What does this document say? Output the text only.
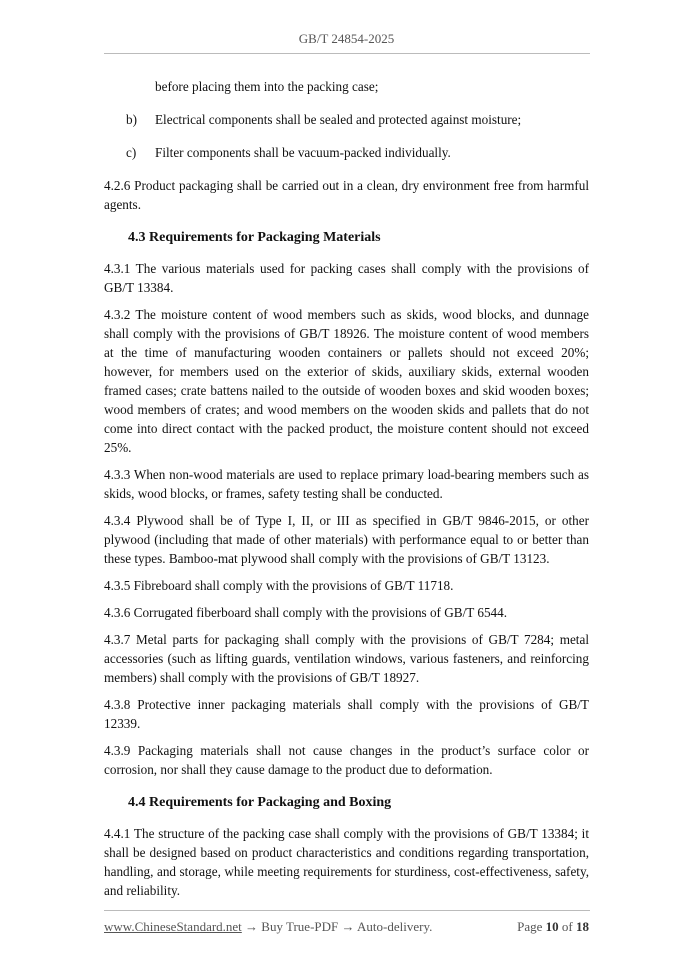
GB/T 24854-2025

before placing them into the packing case;

b)	Electrical components shall be sealed and protected against moisture;
c)	Filter components shall be vacuum-packed individually.

4.2.6 Product packaging shall be carried out in a clean, dry environment free from harmful agents.

4.3 Requirements for Packaging Materials

4.3.1 The various materials used for packing cases shall comply with the provisions of GB/T 13384.

4.3.2 The moisture content of wood members such as skids, wood blocks, and dunnage shall comply with the provisions of GB/T 18926. The moisture content of wood members at the time of manufacturing wooden containers or pallets should not exceed 20%; however, for members used on the exterior of skids, auxiliary skids, external wooden framed cases; crate battens nailed to the outside of wooden boxes and skid wooden boxes; wood members of crates; and wood members on the wooden skids and pallets that do not come into direct contact with the packed product, the moisture content should not exceed 25%.

4.3.3 When non-wood materials are used to replace primary load-bearing members such as skids, wood blocks, or frames, safety testing shall be conducted.

4.3.4 Plywood shall be of Type I, II, or III as specified in GB/T 9846-2015, or other plywood (including that made of other materials) with performance equal to or better than these types. Bamboo-mat plywood shall comply with the provisions of GB/T 13123.

4.3.5 Fibreboard shall comply with the provisions of GB/T 11718.

4.3.6 Corrugated fiberboard shall comply with the provisions of GB/T 6544.

4.3.7 Metal parts for packaging shall comply with the provisions of GB/T 7284; metal accessories (such as lifting guards, ventilation windows, various fasteners, and reinforcing members) shall comply with the provisions of GB/T 18927.

4.3.8 Protective inner packaging materials shall comply with the provisions of GB/T 12339.

4.3.9 Packaging materials shall not cause changes in the product’s surface color or corrosion, nor shall they cause damage to the product due to deformation.

4.4 Requirements for Packaging and Boxing

4.4.1 The structure of the packing case shall comply with the provisions of GB/T 13384; it shall be designed based on product characteristics and conditions regarding transportation, handling, and storage, while meeting requirements for sturdiness, cost-effectiveness, safety, and reliability.

www.ChineseStandard.net → Buy True-PDF → Auto-delivery.	Page 10 of 18
